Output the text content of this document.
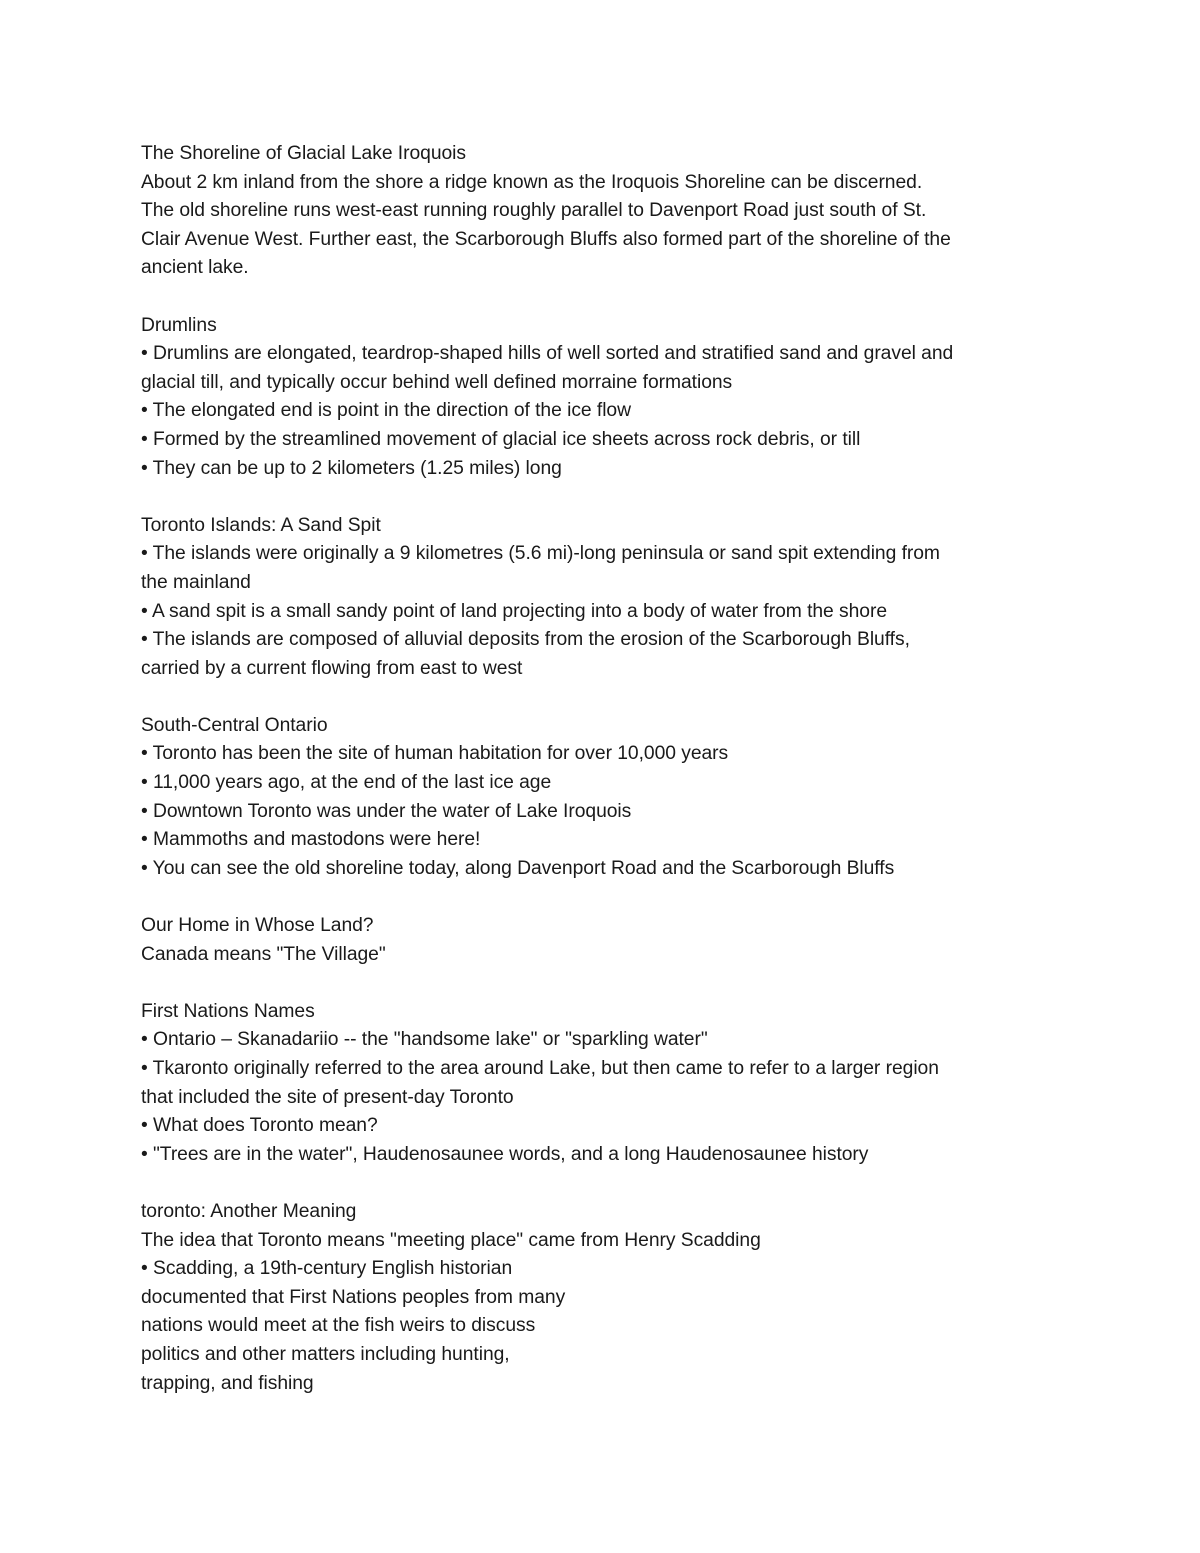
The Shoreline of Glacial Lake Iroquois
About 2 km inland from the shore a ridge known as the Iroquois Shoreline can be discerned.
The old shoreline runs west-east running roughly parallel to Davenport Road just south of St.
Clair Avenue West. Further east, the Scarborough Bluffs also formed part of the shoreline of the
ancient lake.
Drumlins
• Drumlins are elongated, teardrop-shaped hills of well sorted and stratified sand and gravel and
glacial till, and typically occur behind well defined morraine formations
• The elongated end is point in the direction of the ice flow
• Formed by the streamlined movement of glacial ice sheets across rock debris, or till
• They can be up to 2 kilometers (1.25 miles) long
Toronto Islands: A Sand Spit
• The islands were originally a 9 kilometres (5.6 mi)-long peninsula or sand spit extending from
the mainland
• A sand spit is a small sandy point of land projecting into a body of water from the shore
• The islands are composed of alluvial deposits from the erosion of the Scarborough Bluffs,
carried by a current flowing from east to west
South-Central Ontario
• Toronto has been the site of human habitation for over 10,000 years
• 11,000 years ago, at the end of the last ice age
• Downtown Toronto was under the water of Lake Iroquois
• Mammoths and mastodons were here!
• You can see the old shoreline today, along Davenport Road and the Scarborough Bluffs
Our Home in Whose Land?
Canada means "The Village"
First Nations Names
• Ontario – Skanadariio -- the "handsome lake" or "sparkling water"
• Tkaronto originally referred to the area around Lake, but then came to refer to a larger region
that included the site of present-day Toronto
• What does Toronto mean?
• "Trees are in the water", Haudenosaunee words, and a long Haudenosaunee history
toronto: Another Meaning
The idea that Toronto means "meeting place" came from Henry Scadding
• Scadding, a 19th-century English historian
documented that First Nations peoples from many
nations would meet at the fish weirs to discuss
politics and other matters including hunting,
trapping, and fishing
